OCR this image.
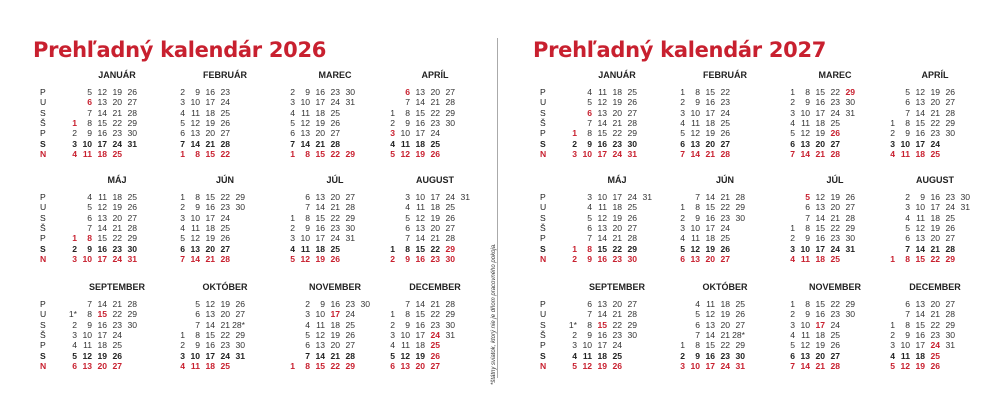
Prehľadný kalendár 2026
P
U
S
Š
P
S
N
P
U
S
Š
P
S
N
P
U
S
Š
P
S
N
JANUÁR
5 12 19 26
6 13 20 27
7 14 21 28
1	8 15 22 29
2	9 16 23 30
3 10 17 24 31
4 11 18 25
FEBRUÁR
2	9 16 23
3 10 17 24
4 11 18 25
5 12 19 26
6 13 20 27
7 14 21 28
1	8 15 22
MAREC
2	9 16 23 30
3 10 17 24 31
4 11 18 25
5 12 19 26
6 13 20 27
7 14 21 28
1	8 15 22 29
APRÍL
6 13 20 27
7 14 21 28
1	8 15 22 29
2	9 16 23 30
3 10 17 24
4 11 18 25
5 12 19 26
MÁJ
4 11 18 25
5 12 19 26
6 13 20 27
7 14 21 28
1	8 15 22 29
2	9 16 23 30
3 10 17 24 31
JÚN
1	8 15 22 29
2	9 16 23 30
3 10 17 24
4 11 18 25
5 12 19 26
6 13 20 27
7 14 21 28
JÚL
6 13 20 27
7 14 21 28
1	8 15 22 29
2	9 16 23 30
3 10 17 24 31
4 11 18 25
5 12 19 26
AUGUST
3 10 17 24 31
4 11 18 25
5 12 19 26
6 13 20 27
7 14 21 28
1	8 15 22 29
2	9 16 23 30
SEPTEMBER
7 14 21 28
1*	8 15 22 29
2	9 16 23 30
3 10 17 24
4 11 18 25
5 12 19 26
6 13 20 27
OKTÓBER
5 12 19 26
6 13 20 27
7 14 21 28*
1	8 15 22 29
2	9 16 23 30
3 10 17 24 31
4 11 18 25
NOVEMBER
2	9 16 23 30
3 10 17 24
4 11 18 25
5 12 19 26
6 13 20 27
7 14 21 28
1	8 15 22 29
DECEMBER
7 14 21 28
1	8 15 22 29
2	9 16 23 30
3 10 17 24 31
4 11 18 25
5 12 19 26
6 13 20 27	*štátny sviatok, ktorý nie je dňom pracovného pokoja.
Prehľadný kalendár 2027
P
U
S
Š
P
S
N
P
U
S
Š
P
S
N
P
U
S
Š
P
S
N
JANUÁR
4 11 18 25
5 12 19 26
6 13 20 27
7 14 21 28
1	8 15 22 29
2	9 16 23 30
3 10 17 24 31
FEBRUÁR
1	8 15 22
2	9 16 23
3 10 17 24
4 11 18 25
5 12 19 26
6 13 20 27
7 14 21 28
MAREC
1	8 15 22 29
2	9 16 23 30
3 10 17 24 31
4 11 18 25
5 12 19 26
6 13 20 27
7 14 21 28
APRÍL
5 12 19 26
6 13 20 27
7 14 21 28
1	8 15 22 29
2	9 16 23 30
3 10 17 24
4 11 18 25
MÁJ
3 10 17 24 31
4 11 18 25
5 12 19 26
6 13 20 27
7 14 21 28
1	8 15 22 29
2	9 16 23 30
JÚN
7 14 21 28
1	8 15 22 29
2	9 16 23 30
3 10 17 24
4 11 18 25
5 12 19 26
6 13 20 27
JÚL
5 12 19 26
6 13 20 27
7 14 21 28
1	8 15 22 29
2	9 16 23 30
3 10 17 24 31
4 11 18 25
AUGUST
2	9 16 23 30
3 10 17 24 31
4 11 18 25
5 12 19 26
6 13 20 27
7 14 21 28
1	8 15 22 29
SEPTEMBER
6 13 20 27
7 14 21 28
1*	8 15 22 29
2	9 16 23 30
3 10 17 24
4 11 18 25
5 12 19 26
OKTÓBER
4 11 18 25
5 12 19 26
6 13 20 27
7 14 21 28*
1	8 15 22 29
2	9 16 23 30
3 10 17 24 31
NOVEMBER
1	8 15 22 29
2	9 16 23 30
3 10 17 24
4 11 18 25
5 12 19 26
6 13 20 27
7 14 21 28
DECEMBER
6 13 20 27
7 14 21 28
1	8 15 22 29
2	9 16 23 30
3 10 17 24 31
4 11 18 25
5 12 19 26
